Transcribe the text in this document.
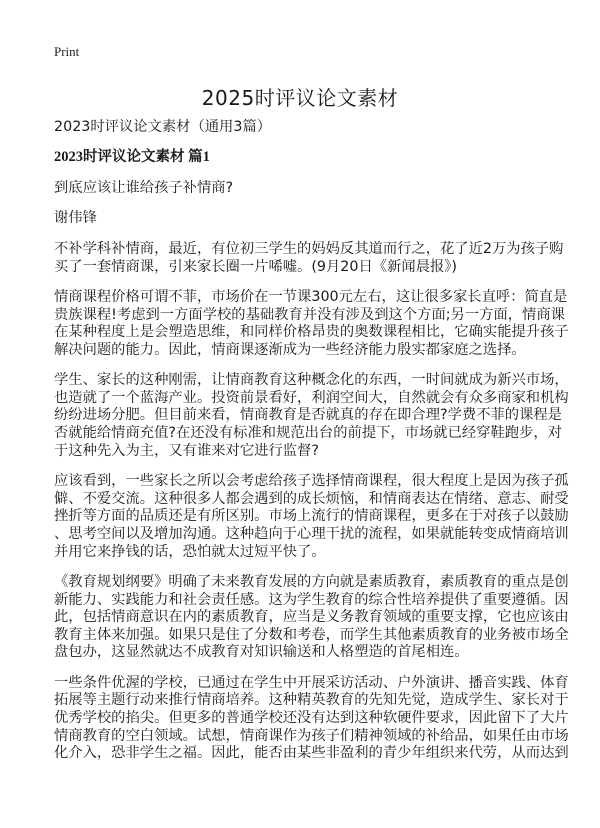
Print
2025时评议论文素材
2023时评议论文素材（通用3篇）
2023时评议论文素材 篇1
到底应该让谁给孩子补情商?
谢伟锋
不补学科补情商，最近，有位初三学生的妈妈反其道而行之，花了近2万为孩子购
买了一套情商课，引来家长圈一片唏嘘。(9月20日《新闻晨报》)
情商课程价格可谓不菲，市场价在一节课300元左右，这让很多家长直呼：简直是
贵族课程!考虑到一方面学校的基础教育并没有涉及到这个方面;另一方面，情商课
在某种程度上是会塑造思维，和同样价格昂贵的奥数课程相比，它确实能提升孩子
解决问题的能力。因此，情商课逐渐成为一些经济能力殷实都家庭之选择。
学生、家长的这种刚需，让情商教育这种概念化的东西，一时间就成为新兴市场，
也造就了一个蓝海产业。投资前景看好，利润空间大，自然就会有众多商家和机构
纷纷进场分肥。但目前来看，情商教育是否就真的存在即合理?学费不菲的课程是
否就能给情商充值?在还没有标准和规范出台的前提下，市场就已经穿鞋跑步，对
于这种先入为主，又有谁来对它进行监督?
应该看到，一些家长之所以会考虑给孩子选择情商课程，很大程度上是因为孩子孤
僻、不爱交流。这种很多人都会遇到的成长烦恼，和情商表达在情绪、意志、耐受
挫折等方面的品质还是有所区别。市场上流行的情商课程，更多在于对孩子以鼓励
、思考空间以及增加沟通。这种趋向于心理干扰的流程，如果就能转变成情商培训
并用它来挣钱的话，恐怕就太过短平快了。
《教育规划纲要》明确了未来教育发展的方向就是素质教育，素质教育的重点是创
新能力、实践能力和社会责任感。这为学生教育的综合性培养提供了重要遵循。因
此，包括情商意识在内的素质教育，应当是义务教育领域的重要支撑，它也应该由
教育主体来加强。如果只是住了分数和考卷，而学生其他素质教育的业务被市场全
盘包办，这显然就达不成教育对知识输送和人格塑造的首尾相连。
一些条件优渥的学校，已通过在学生中开展采访活动、户外演讲、播音实践、体育
拓展等主题行动来推行情商培养。这种精英教育的先知先觉，造成学生、家长对于
优秀学校的掐尖。但更多的普通学校还没有达到这种软硬件要求，因此留下了大片
情商教育的空白领域。试想，情商课作为孩子们精神领域的补给品，如果任由市场
化介入，恐非学生之福。因此，能否由某些非盈利的青少年组织来代劳，从而达到
